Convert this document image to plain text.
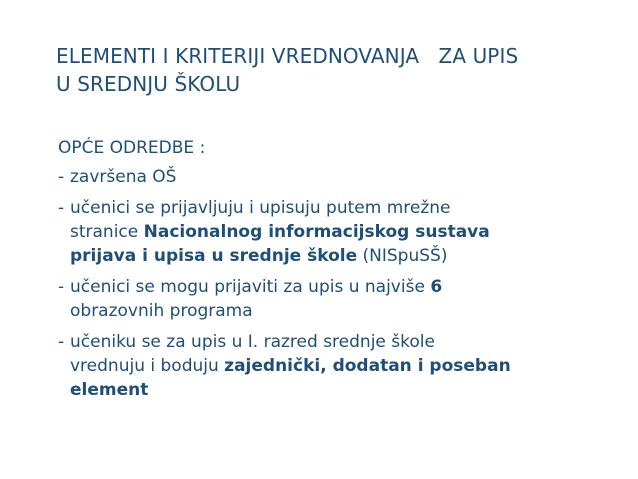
ELEMENTI I KRITERIJI VREDNOVANJA   ZA UPIS
U SREDNJU ŠKOLU
OPĆE ODREDBE :
- završena OŠ
- učenici se prijavljuju i upisuju putem mrežne
stranice Nacionalnog informacijskog sustava
prijava i upisa u srednje škole (NISpuSŠ)
- učenici se mogu prijaviti za upis u najviše 6
obrazovnih programa
- učeniku se za upis u I. razred srednje škole
vrednuju i boduju zajednički, dodatan i poseban
element
